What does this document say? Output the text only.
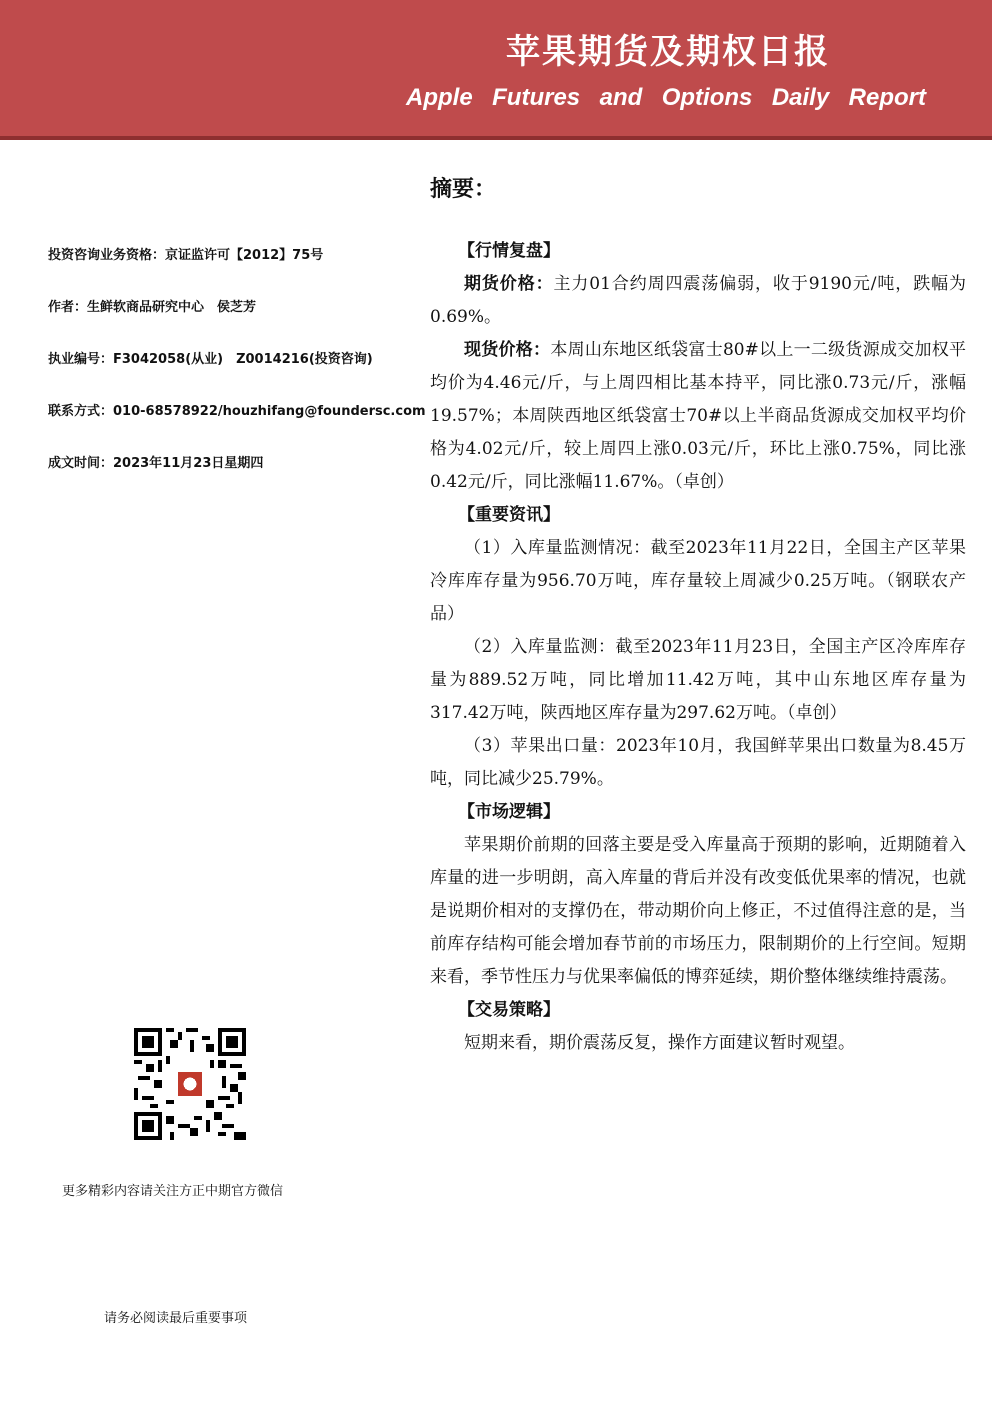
苹果期货及期权日报
Apple Futures and Options Daily Report
投资咨询业务资格：京证监许可【2012】75号
作者：生鲜软商品研究中心　侯芝芳
执业编号：F3042058(从业)　Z0014216(投资咨询)
联系方式：010-68578922/houzhifang@foundersc.com
成文时间：2023年11月23日星期四
更多精彩内容请关注方正中期官方微信
请务必阅读最后重要事项
摘要：
【行情复盘】

期货价格：主力01合约周四震荡偏弱，收于9190元/吨，跌幅为0.69%。

现货价格：本周山东地区纸袋富士80#以上一二级货源成交加权平均价为4.46元/斤，与上周四相比基本持平，同比涨0.73元/斤，涨幅19.57%；本周陕西地区纸袋富士70#以上半商品货源成交加权平均价格为4.02元/斤，较上周四上涨0.03元/斤，环比上涨0.75%，同比涨0.42元/斤，同比涨幅11.67%。（卓创）

【重要资讯】

（1）入库量监测情况：截至2023年11月22日，全国主产区苹果冷库库存量为956.70万吨，库存量较上周减少0.25万吨。（钢联农产品）

（2）入库量监测：截至2023年11月23日，全国主产区冷库库存量为889.52万吨，同比增加11.42万吨，其中山东地区库存量为317.42万吨，陕西地区库存量为297.62万吨。（卓创）

（3）苹果出口量：2023年10月，我国鲜苹果出口数量为8.45万吨，同比减少25.79%。

【市场逻辑】

苹果期价前期的回落主要是受入库量高于预期的影响，近期随着入库量的进一步明朗，高入库量的背后并没有改变低优果率的情况，也就是说期价相对的支撑仍在，带动期价向上修正，不过值得注意的是，当前库存结构可能会增加春节前的市场压力，限制期价的上行空间。短期来看，季节性压力与优果率偏低的博弈延续，期价整体继续维持震荡。

【交易策略】

短期来看，期价震荡反复，操作方面建议暂时观望。
